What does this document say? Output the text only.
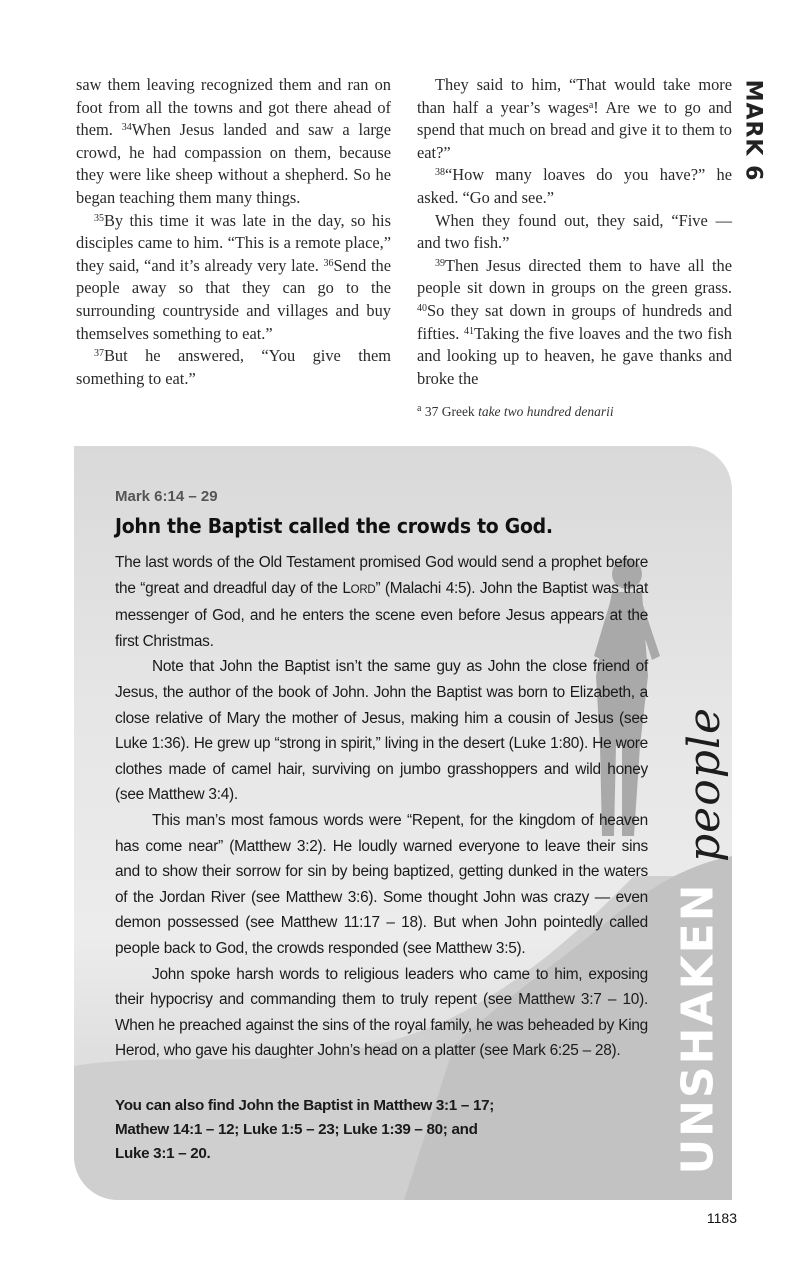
MARK 6

saw them leaving recognized them and ran on foot from all the towns and got there ahead of them. $^{34}$When Jesus landed and saw a large crowd, he had compassion on them, because they were like sheep without a shepherd. So he began teaching them many things.

$^{35}$By this time it was late in the day, so his disciples came to him. “This is a remote place,” they said, “and it’s already very late. $^{36}$Send the people away so that they can go to the surrounding countryside and villages and buy themselves something to eat.”

$^{37}$But he answered, “You give them something to eat.”

They said to him, “That would take more than half a year’s wages$^a$! Are we to go and spend that much on bread and give it to them to eat?”

$^{38}$“How many loaves do you have?” he asked. “Go and see.”

When they found out, they said, “Five — and two fish.”

$^{39}$Then Jesus directed them to have all the people sit down in groups on the green grass. $^{40}$So they sat down in groups of hundreds and fifties. $^{41}$Taking the five loaves and the two fish and looking up to heaven, he gave thanks and broke the

$^a$ 37 Greek take two hundred denarii
Mark 6:14 – 29
John the Baptist called the crowds to God.

The last words of the Old Testament promised God would send a prophet before the “great and dreadful day of the LORD” (Malachi 4:5). John the Baptist was that messenger of God, and he enters the scene even before Jesus appears at the first Christmas.

Note that John the Baptist isn’t the same guy as John the close friend of Jesus, the author of the book of John. John the Baptist was born to Elizabeth, a close relative of Mary the mother of Jesus, making him a cousin of Jesus (see Luke 1:36). He grew up “strong in spirit,” living in the desert (Luke 1:80). He wore clothes made of camel hair, surviving on jumbo grasshoppers and wild honey (see Matthew 3:4).

This man’s most famous words were “Repent, for the kingdom of heaven has come near” (Matthew 3:2). He loudly warned everyone to leave their sins and to show their sorrow for sin by being baptized, getting dunked in the waters of the Jordan River (see Matthew 3:6). Some thought John was crazy — even demon possessed (see Matthew 11:17 – 18). But when John pointedly called people back to God, the crowds responded (see Matthew 3:5).

John spoke harsh words to religious leaders who came to him, exposing their hypocrisy and commanding them to truly repent (see Matthew 3:7 – 10). When he preached against the sins of the royal family, he was beheaded by King Herod, who gave his daughter John’s head on a platter (see Mark 6:25 – 28).

You can also find John the Baptist in Matthew 3:1 – 17;
Mathew 14:1 – 12; Luke 1:5 – 23; Luke 1:39 – 80; and
Luke 3:1 – 20.	UNSHAKEN
people
1183
